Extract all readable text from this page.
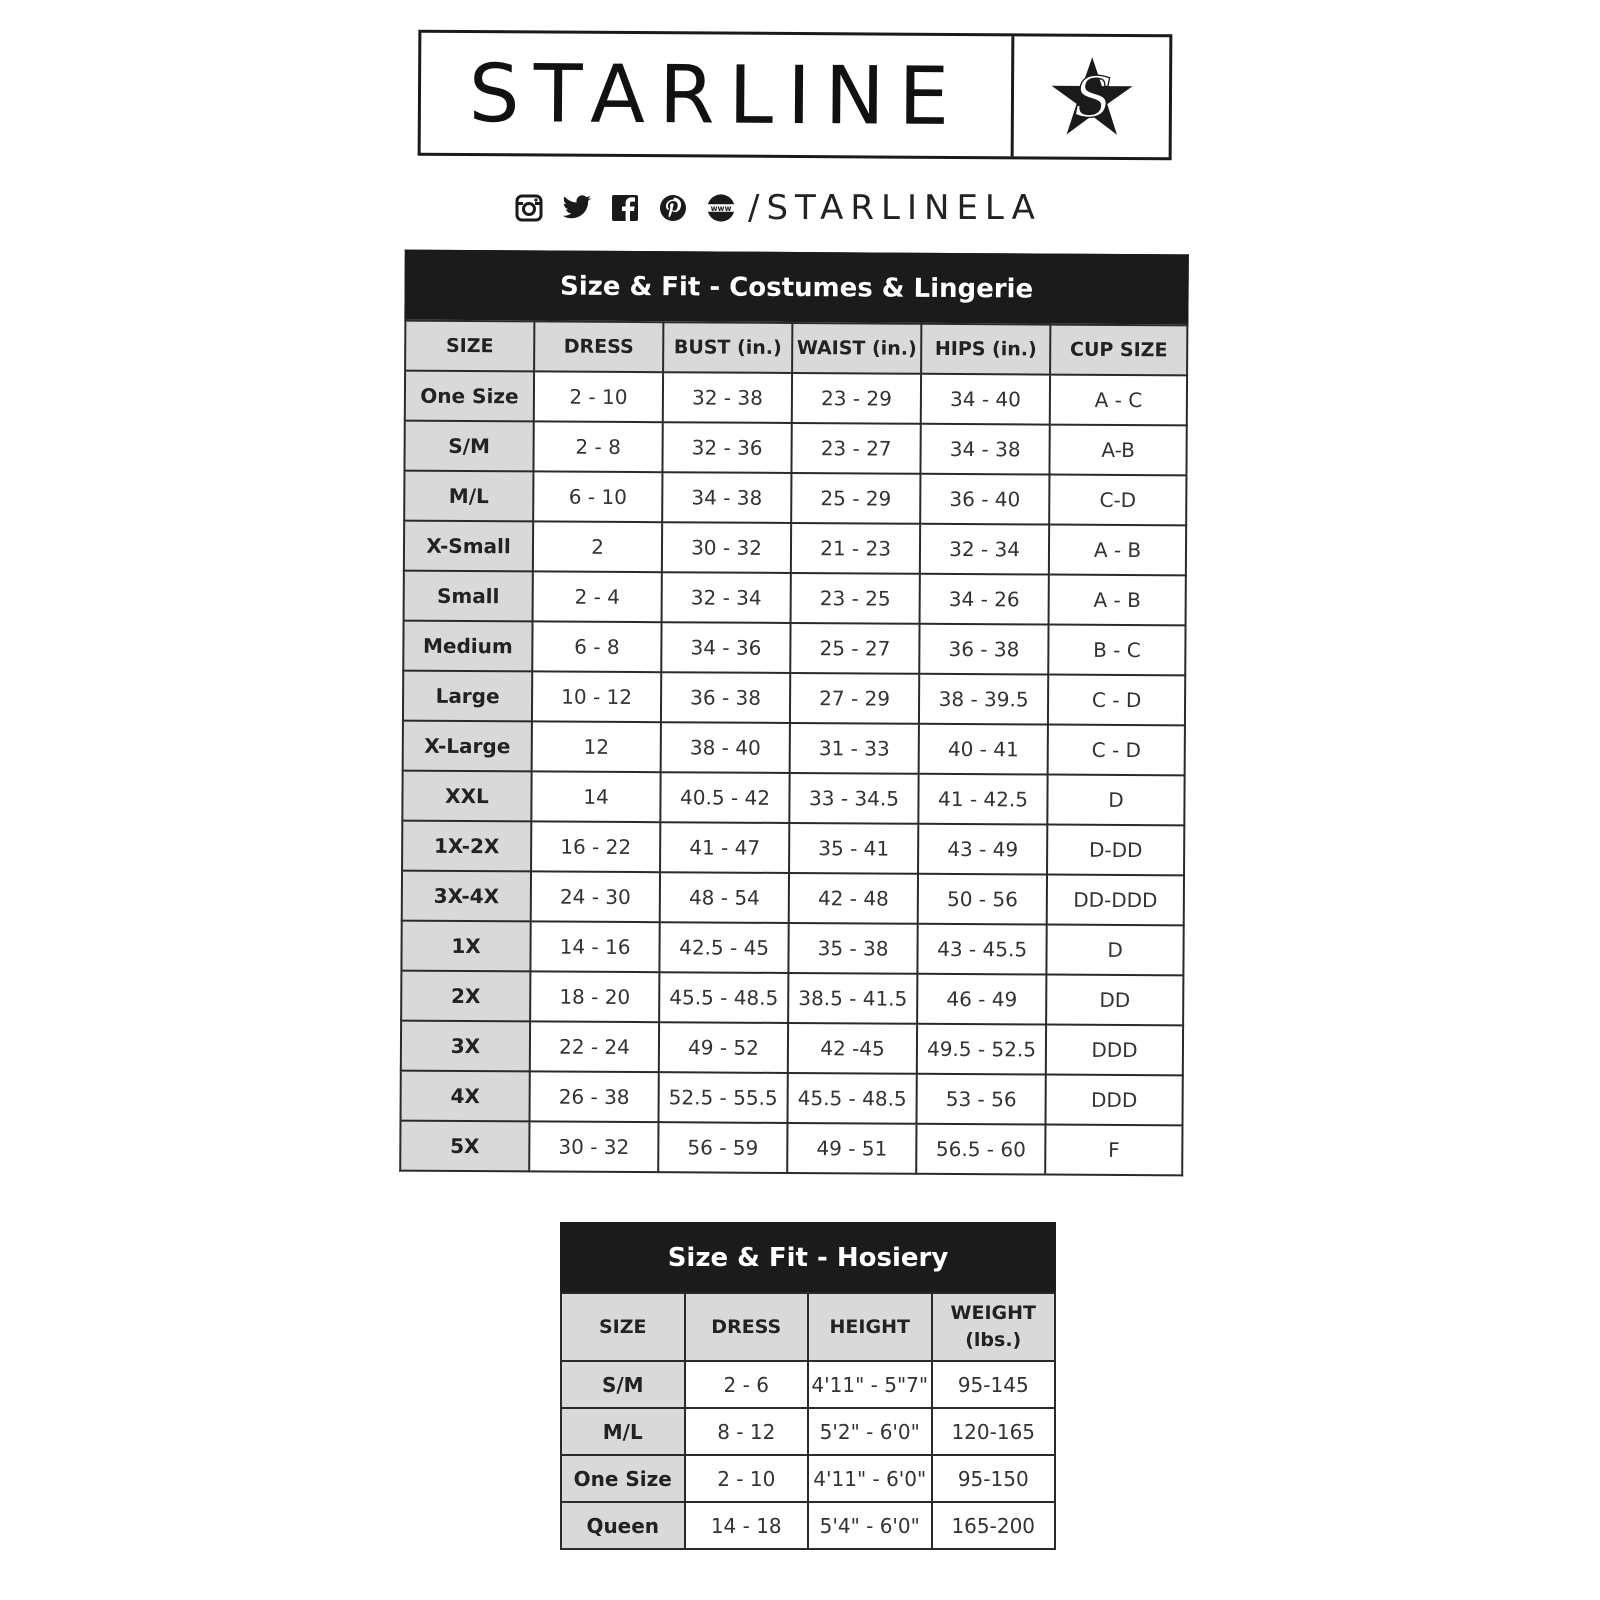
STARLINE	S
www /STARLINELA
Size & Fit - Costumes & Lingerie
SIZE	DRESS	BUST (in.)	WAIST (in.)	HIPS (in.)	CUP SIZE
One Size	2 - 10	32 - 38	23 - 29	34 - 40	A - C
S/M	2 - 8	32 - 36	23 - 27	34 - 38	A-B
M/L	6 - 10	34 - 38	25 - 29	36 - 40	C-D
X-Small	2	30 - 32	21 - 23	32 - 34	A - B
Small	2 - 4	32 - 34	23 - 25	34 - 26	A - B
Medium	6 - 8	34 - 36	25 - 27	36 - 38	B - C
Large	10 - 12	36 - 38	27 - 29	38 - 39.5	C - D
X-Large	12	38 - 40	31 - 33	40 - 41	C - D
XXL	14	40.5 - 42	33 - 34.5	41 - 42.5	D
1X-2X	16 - 22	41 - 47	35 - 41	43 - 49	D-DD
3X-4X	24 - 30	48 - 54	42 - 48	50 - 56	DD-DDD
1X	14 - 16	42.5 - 45	35 - 38	43 - 45.5	D
2X	18 - 20	45.5 - 48.5	38.5 - 41.5	46 - 49	DD
3X	22 - 24	49 - 52	42 -45	49.5 - 52.5	DDD
4X	26 - 38	52.5 - 55.5	45.5 - 48.5	53 - 56	DDD
5X	30 - 32	56 - 59	49 - 51	56.5 - 60	F
Size & Fit - Hosiery
SIZE	DRESS	HEIGHT	WEIGHT
(lbs.)
S/M	2 - 6	4'11" - 5"7"	95-145
M/L	8 - 12	5'2" - 6'0"	120-165
One Size	2 - 10	4'11" - 6'0"	95-150
Queen	14 - 18	5'4" - 6'0"	165-200
